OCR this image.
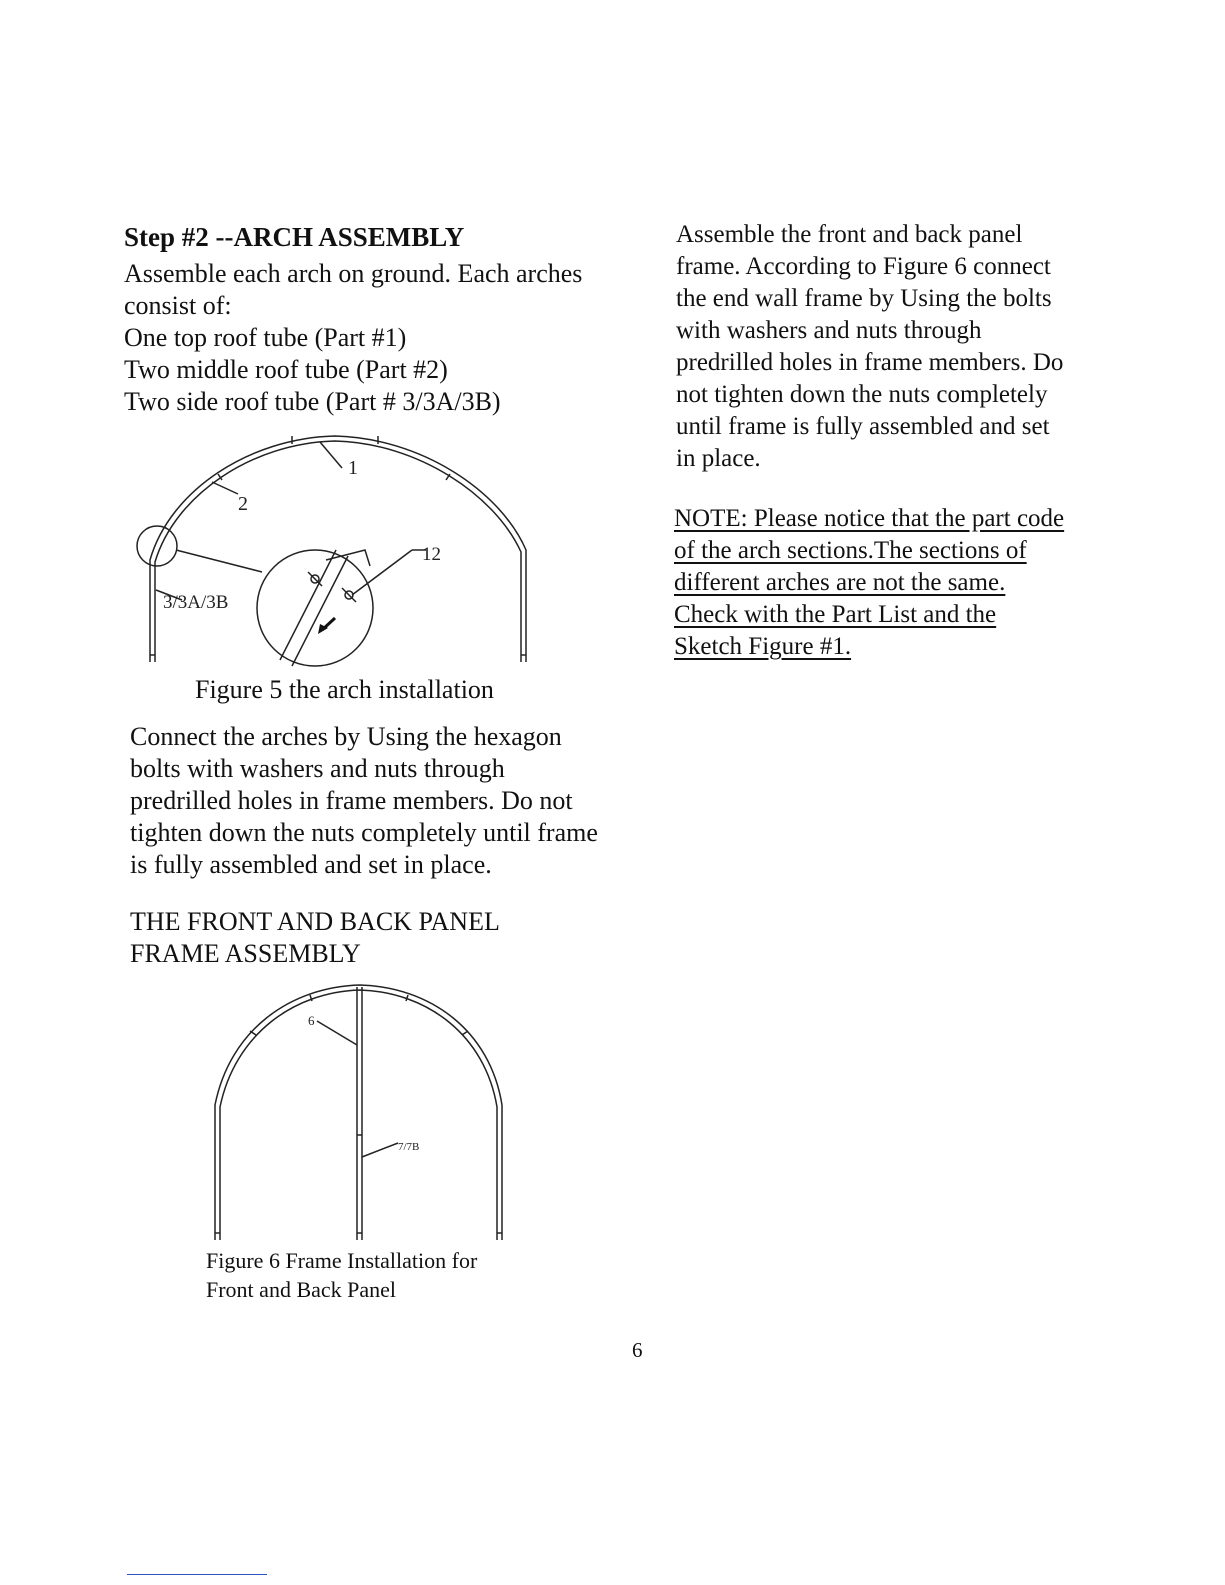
Step #2 --ARCH ASSEMBLY
Assemble each arch on ground. Each arches
consist of:
One top roof tube (Part #1)
Two middle roof tube (Part #2)
Two side roof tube (Part # 3/3A/3B)
1
2
3/3A/3B
12
Figure 5 the arch installation
Connect the arches by Using the hexagon
bolts with washers and nuts through
predrilled holes in frame members. Do not
tighten down the nuts completely until frame
is fully assembled and set in place.
THE FRONT AND BACK PANEL
FRAME ASSEMBLY
6
7/7B
Figure 6 Frame Installation for
Front and Back Panel
Assemble the front and back panel
frame. According to Figure 6 connect
the end wall frame by Using the bolts
with washers and nuts through
predrilled holes in frame members. Do
not tighten down the nuts completely
until frame is fully assembled and set
in place.
NOTE: Please notice that the part code
of the arch sections.The sections of
different arches are not the same.
Check with the Part List and the
Sketch Figure #1.
6
